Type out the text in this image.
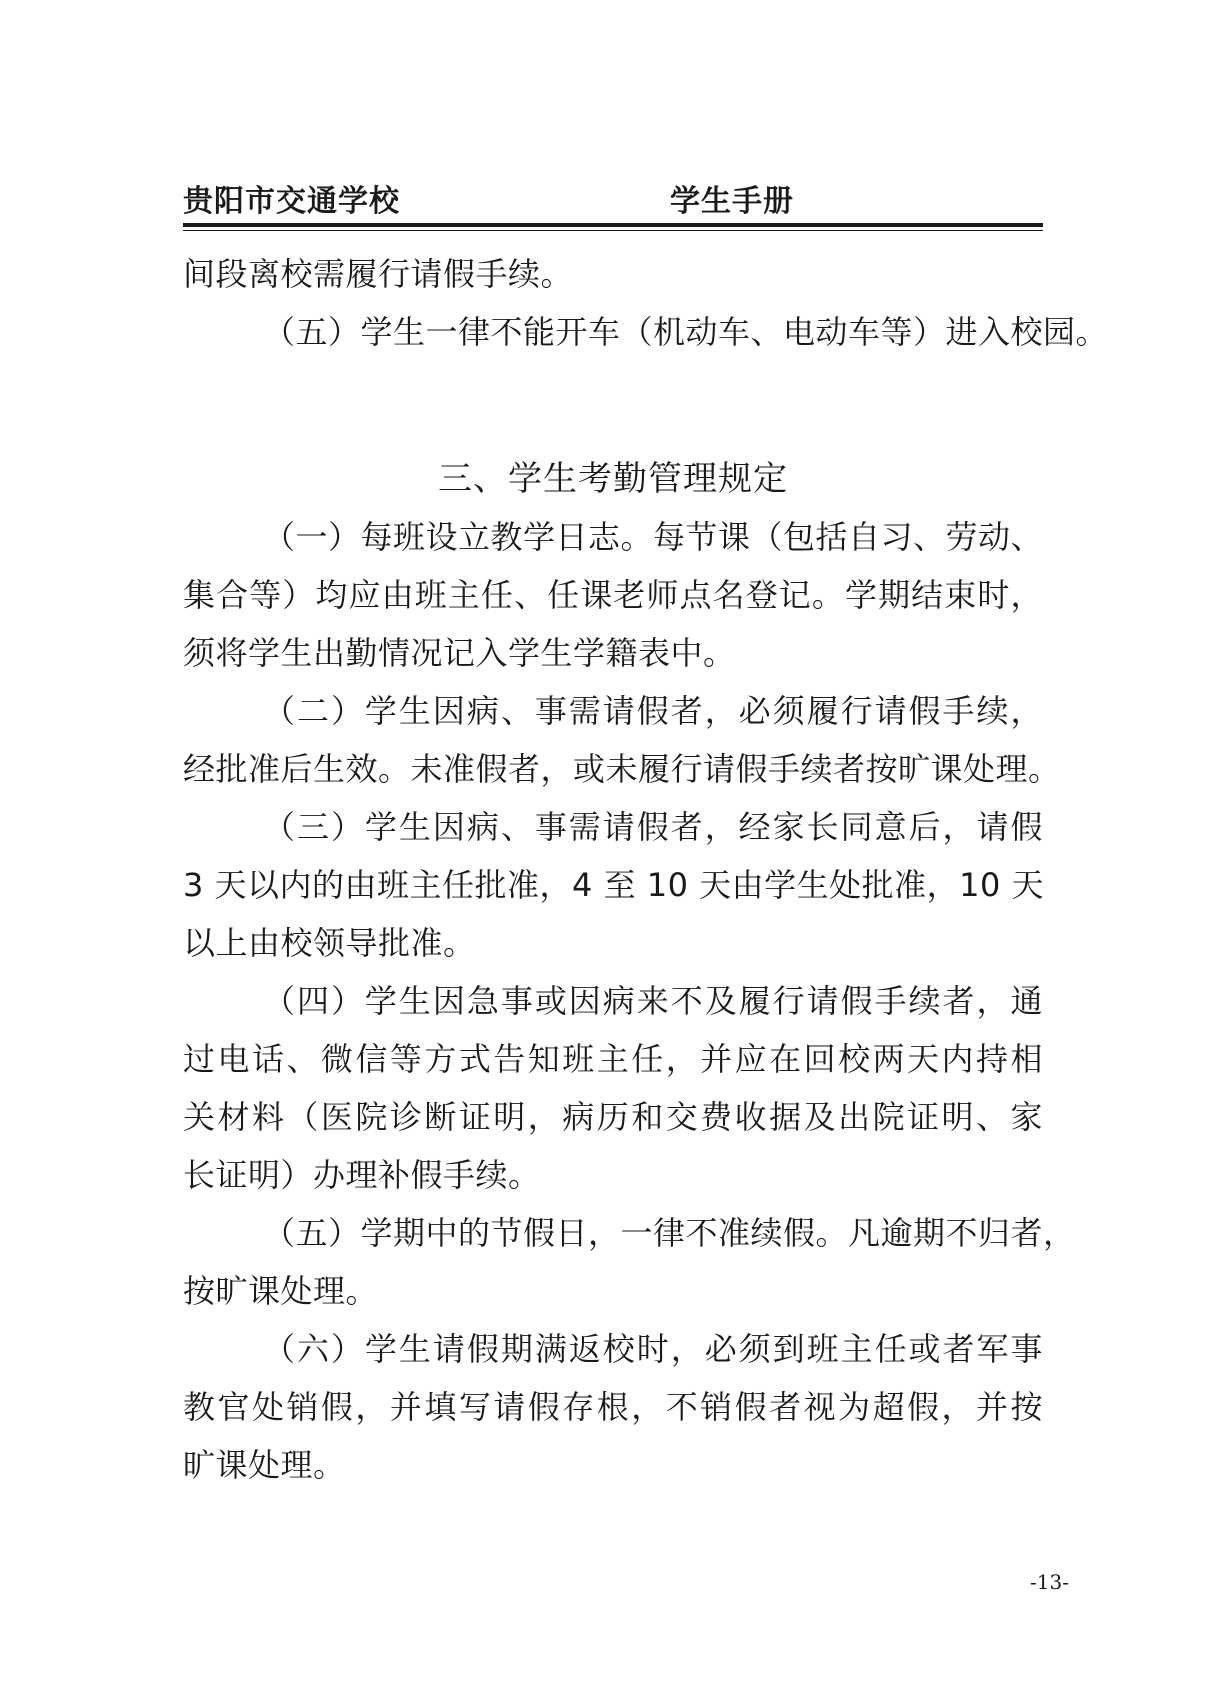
贵阳市交通学校	学生手册
间段离校需履行请假手续。
（五）学生一律不能开车（机动车、电动车等）进入校园。
三、学生考勤管理规定
（一）每班设立教学日志。每节课（包括自习、劳动、
集合等）均应由班主任、任课老师点名登记。学期结束时，
须将学生出勤情况记入学生学籍表中。
（二）学生因病、事需请假者，必须履行请假手续，
经批准后生效。未准假者，或未履行请假手续者按旷课处理。
（三）学生因病、事需请假者，经家长同意后，请假
3 天以内的由班主任批准，4 至 10 天由学生处批准，10 天
以上由校领导批准。
（四）学生因急事或因病来不及履行请假手续者，通
过电话、微信等方式告知班主任，并应在回校两天内持相
关材料（医院诊断证明，病历和交费收据及出院证明、家
长证明）办理补假手续。
（五）学期中的节假日，一律不准续假。凡逾期不归者，
按旷课处理。
（六）学生请假期满返校时，必须到班主任或者军事
教官处销假，并填写请假存根，不销假者视为超假，并按
旷课处理。
-13-
